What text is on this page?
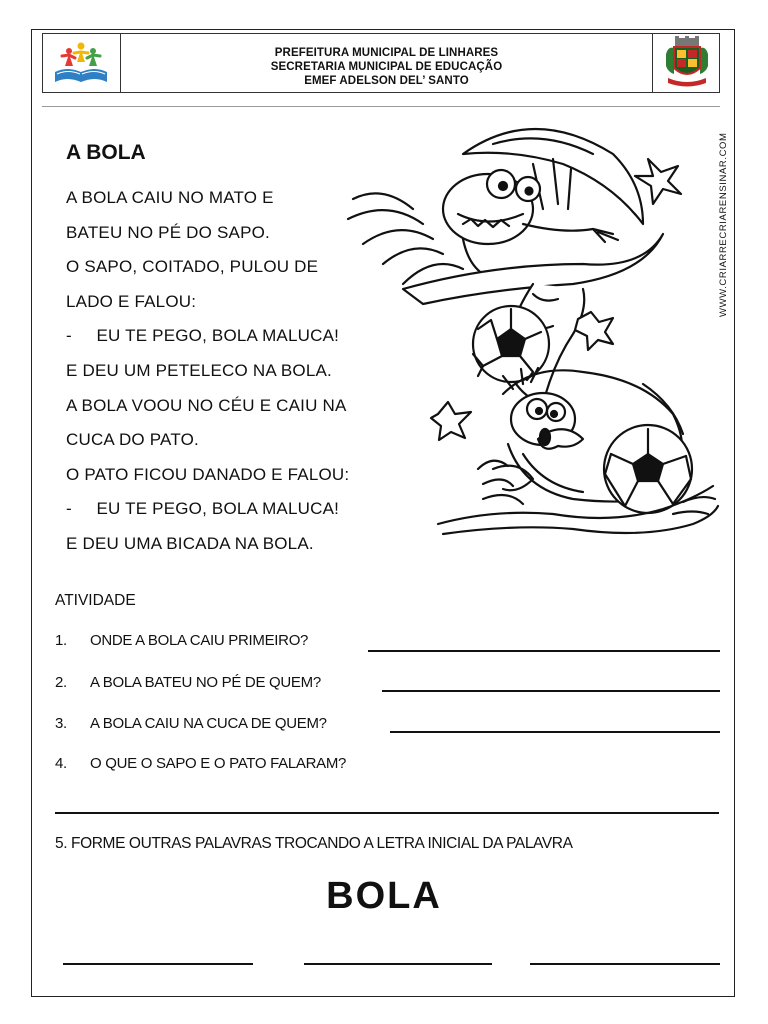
PREFEITURA MUNICIPAL DE LINHARES
SECRETARIA MUNICIPAL DE EDUCAÇÃO
EMEF ADELSON DEL’ SANTO
A BOLA
A BOLA CAIU NO MATO E
BATEU NO PÉ DO SAPO.
O SAPO, COITADO, PULOU DE
LADO E FALOU:
-     EU TE PEGO, BOLA MALUCA!
E DEU UM PETELECO NA BOLA.
A BOLA VOOU NO CÉU E CAIU NA
CUCA DO PATO.
O PATO FICOU DANADO E FALOU:
-     EU TE PEGO, BOLA MALUCA!
E DEU UMA BICADA NA BOLA.
WWW.CRIARRECRIARENSINAR.COM
ATIVIDADE
1. ONDE A BOLA CAIU PRIMEIRO?
2. A BOLA BATEU NO PÉ DE QUEM?
3. A BOLA CAIU NA CUCA DE QUEM?
4. O QUE O SAPO E O PATO FALARAM?
5. FORME OUTRAS PALAVRAS TROCANDO A LETRA INICIAL DA PALAVRA
BOLA
